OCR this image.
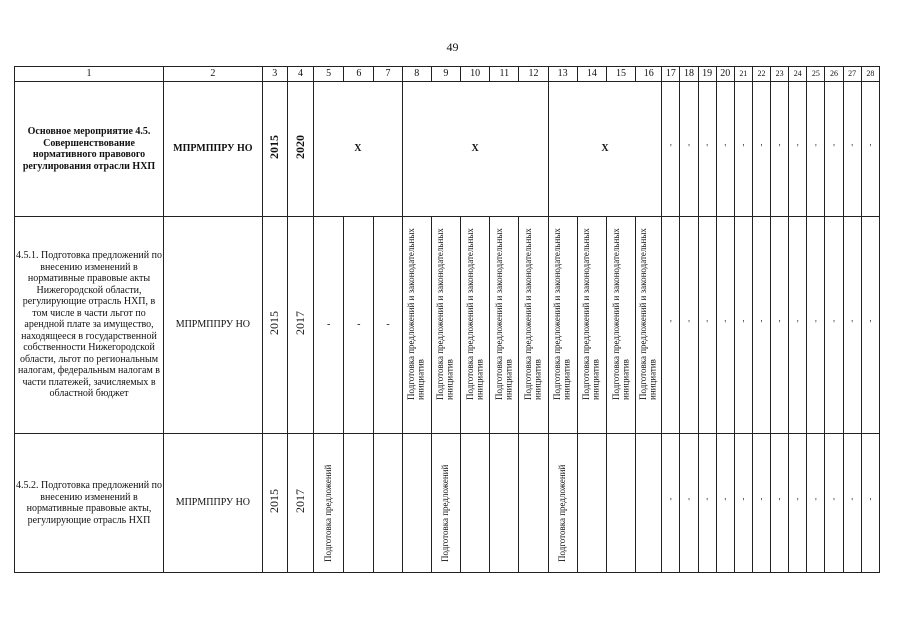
49
1	2	3	4	5	6	7	8	9	10	11	12	13	14	15	16	17	18	19	20	21	22	23	24	25	26	27	28
Основное мероприятие 4.5. Совершенствование нормативного правового регулирования отрасли НХП	МПРМППРУ НО	2015	2020	Х			Х					Х				'	'	'	'	'	'	'	'	'	'	'	'
4.5.1. Подготовка предложений по внесению изменений в нормативные правовые акты Нижегородской области, регулирующие отрасль НХП, в том числе в части льгот по арендной плате за имущество, находящееся в государственной собственности Нижегородской области, льгот по региональным налогам, федеральным налогам в части платежей, зачисляемых в областной бюджет	МПРМППРУ НО	2015	2017	-	-	-	Подготовка предложений и законодательных инициатив	Подготовка предложений и законодательных инициатив	Подготовка предложений и законодательных инициатив	Подготовка предложений и законодательных инициатив	Подготовка предложений и законодательных инициатив	Подготовка предложений и законодательных инициатив	Подготовка предложений и законодательных инициатив	Подготовка предложений и законодательных инициатив	Подготовка предложений и законодательных инициатив	'	'	'	'	'	'	'	'	'	'	'	'
4.5.2. Подготовка предложений по внесению изменений в нормативные правовые акты, регулирующие отрасль НХП	МПРМППРУ НО	2015	2017	Подготовка предложений				Подготовка предложений				Подготовка предложений				'	'	'	'	'	'	'	'	'	'	'	'
